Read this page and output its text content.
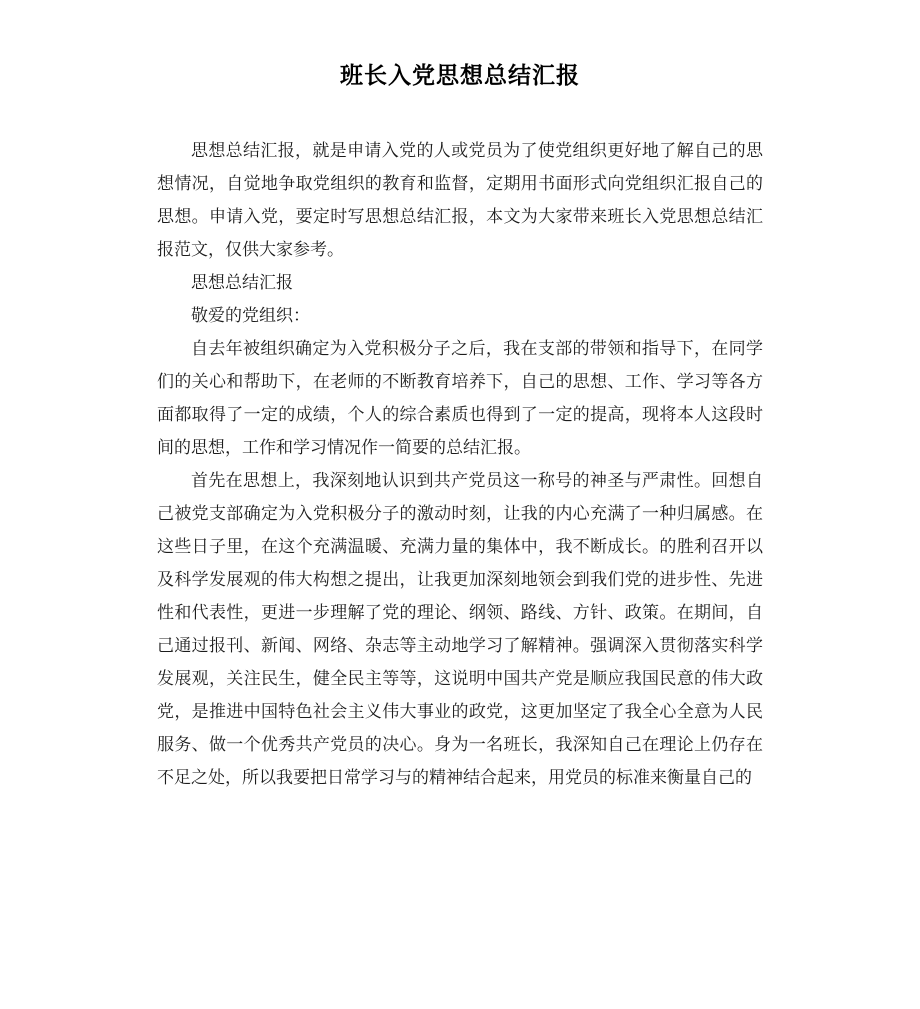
班长入党思想总结汇报

思想总结汇报，就是申请入党的人或党员为了使党组织更好地了解自己的思想情况，自觉地争取党组织的教育和监督，定期用书面形式向党组织汇报自己的思想。申请入党，要定时写思想总结汇报，本文为大家带来班长入党思想总结汇报范文，仅供大家参考。

思想总结汇报

敬爱的党组织：

自去年被组织确定为入党积极分子之后，我在支部的带领和指导下，在同学们的关心和帮助下，在老师的不断教育培养下，自己的思想、工作、学习等各方面都取得了一定的成绩，个人的综合素质也得到了一定的提高，现将本人这段时间的思想，工作和学习情况作一简要的总结汇报。

首先在思想上，我深刻地认识到共产党员这一称号的神圣与严肃性。回想自己被党支部确定为入党积极分子的激动时刻，让我的内心充满了一种归属感。在这些日子里，在这个充满温暖、充满力量的集体中，我不断成长。的胜利召开以及科学发展观的伟大构想之提出，让我更加深刻地领会到我们党的进步性、先进性和代表性，更进一步理解了党的理论、纲领、路线、方针、政策。在期间，自己通过报刊、新闻、网络、杂志等主动地学习了解精神。强调深入贯彻落实科学发展观，关注民生，健全民主等等，这说明中国共产党是顺应我国民意的伟大政党，是推进中国特色社会主义伟大事业的政党，这更加坚定了我全心全意为人民服务、做一个优秀共产党员的决心。身为一名班长，我深知自己在理论上仍存在不足之处，所以我要把日常学习与的精神结合起来，用党员的标准来衡量自己的
